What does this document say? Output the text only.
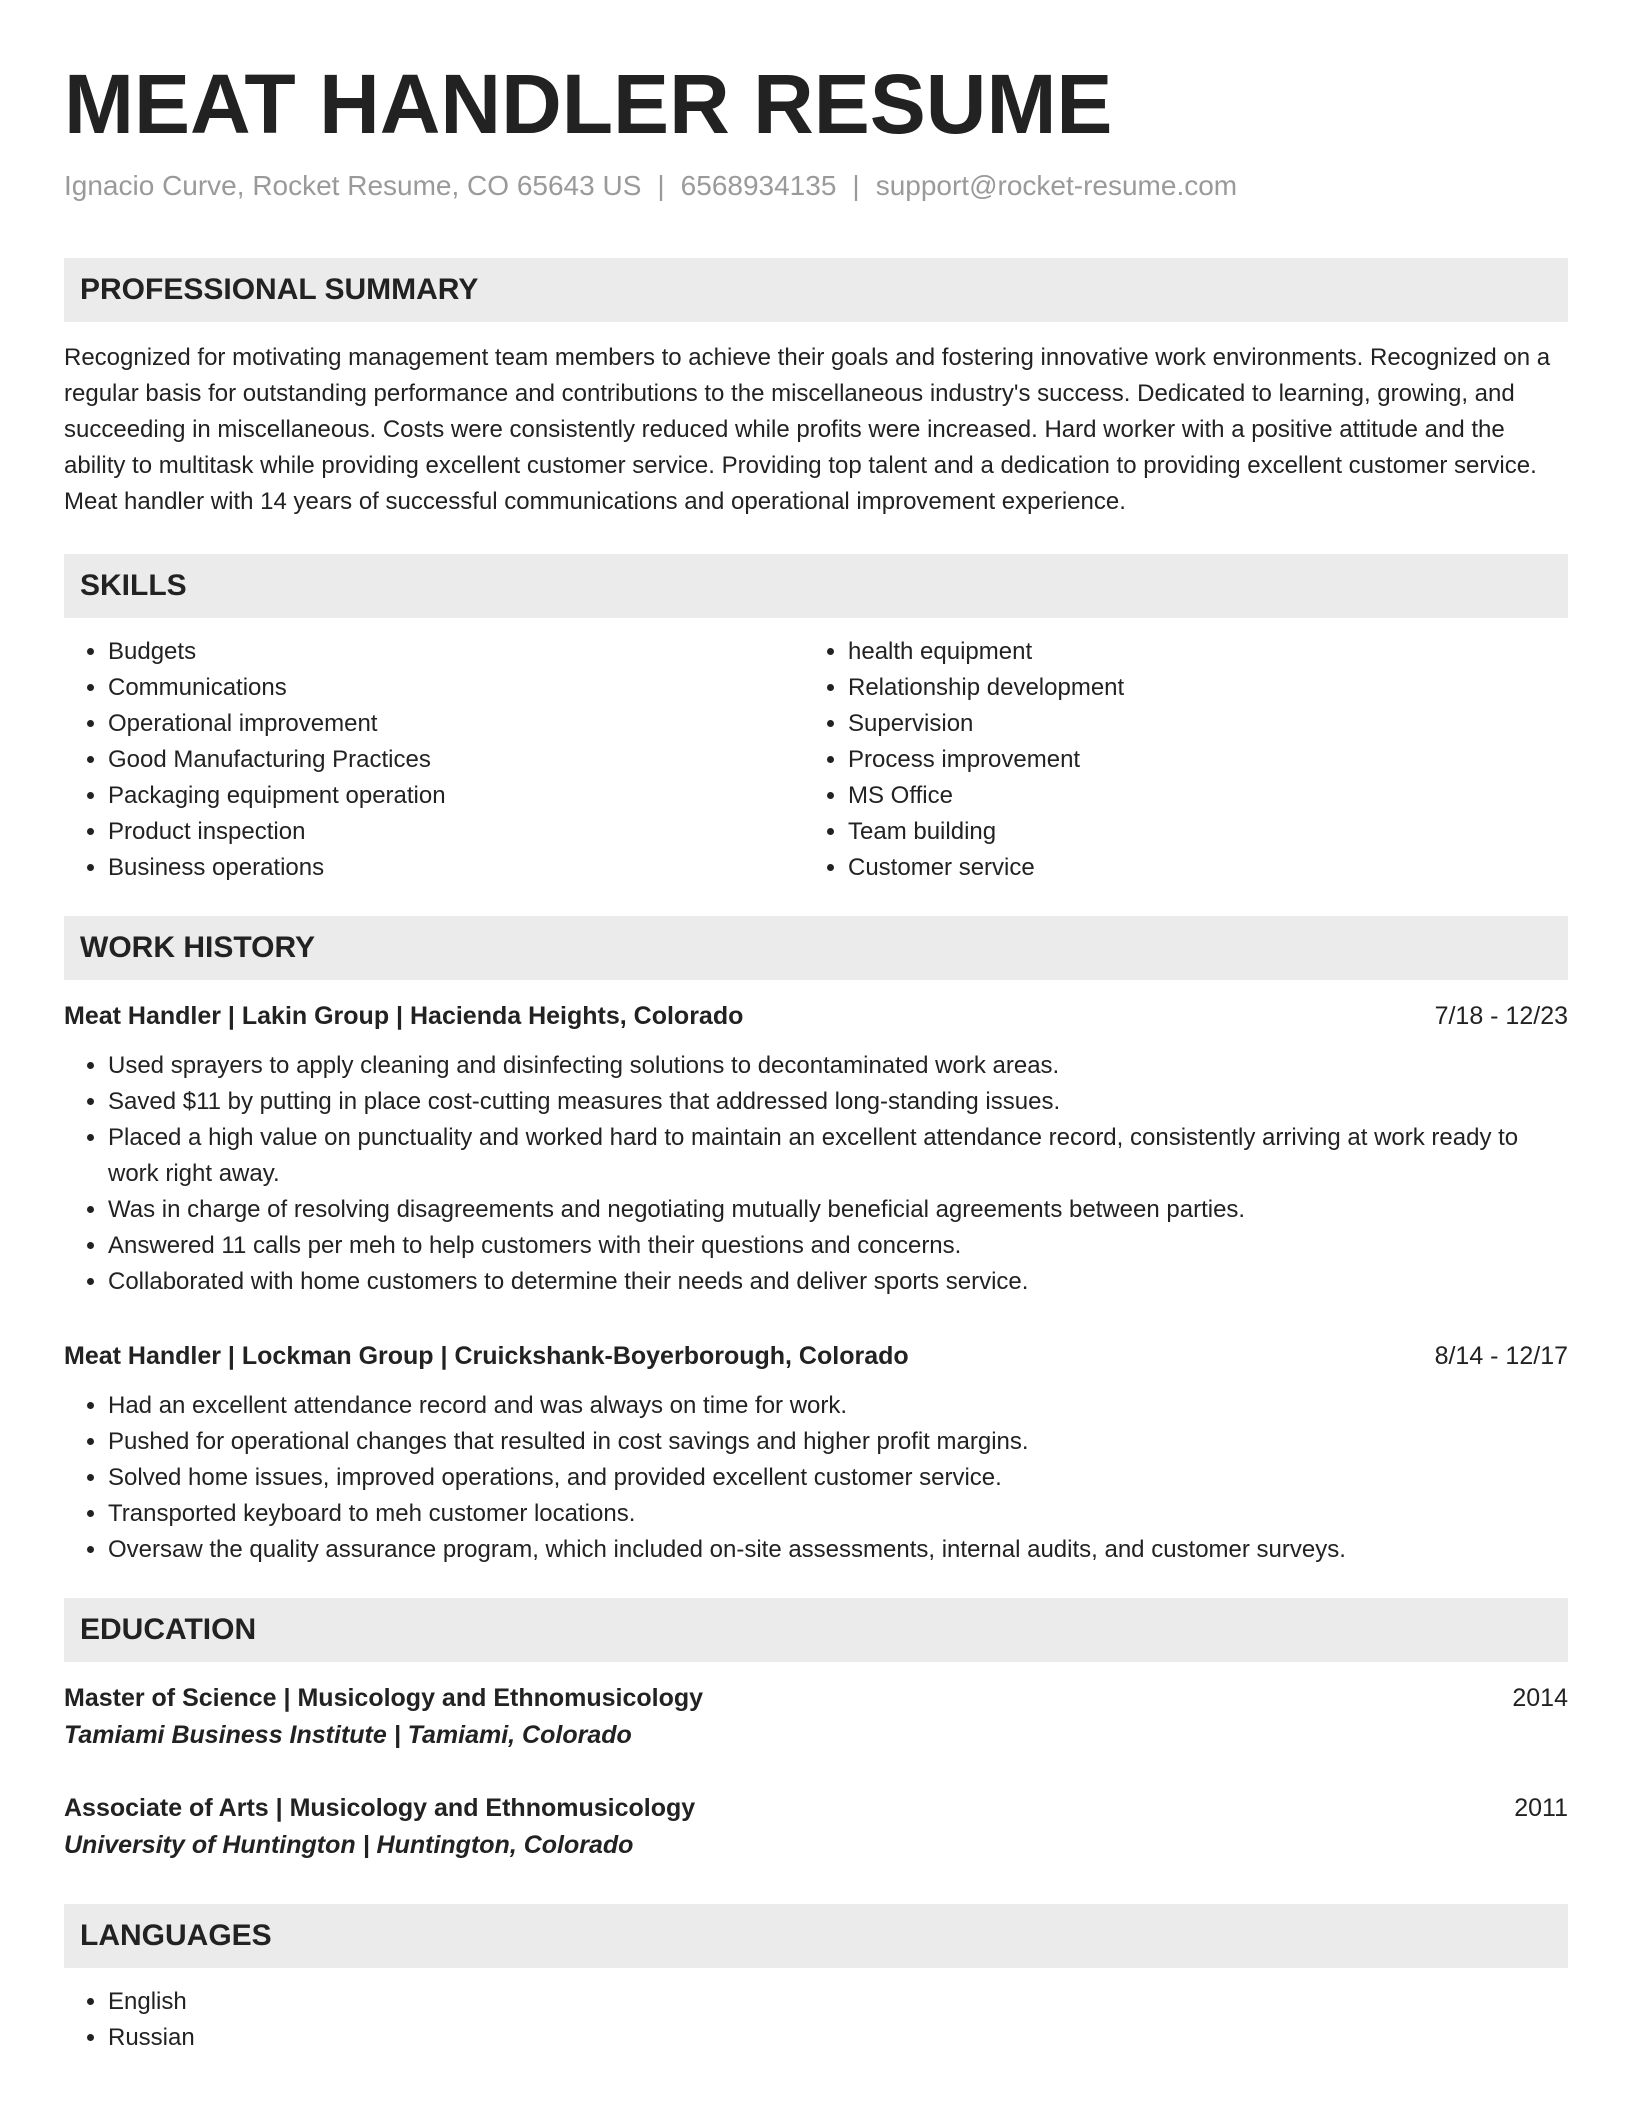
MEAT HANDLER RESUME
Ignacio Curve, Rocket Resume, CO 65643 US | 6568934135 | support@rocket-resume.com
PROFESSIONAL SUMMARY

Recognized for motivating management team members to achieve their goals and fostering innovative work environments. Recognized on a regular basis for outstanding performance and contributions to the miscellaneous industry's success. Dedicated to learning, growing, and succeeding in miscellaneous. Costs were consistently reduced while profits were increased. Hard worker with a positive attitude and the ability to multitask while providing excellent customer service. Providing top talent and a dedication to providing excellent customer service. Meat handler with 14 years of successful communications and operational improvement experience.

SKILLS
• Budgets
• Communications
• Operational improvement
• Good Manufacturing Practices
• Packaging equipment operation
• Product inspection
• Business operations
• health equipment
• Relationship development
• Supervision
• Process improvement
• MS Office
• Team building
• Customer service
WORK HISTORY
Meat Handler | Lakin Group | Hacienda Heights, Colorado	7/18 - 12/23
• Used sprayers to apply cleaning and disinfecting solutions to decontaminated work areas.
• Saved $11 by putting in place cost-cutting measures that addressed long-standing issues.
• Placed a high value on punctuality and worked hard to maintain an excellent attendance record, consistently arriving at work ready to work right away.
• Was in charge of resolving disagreements and negotiating mutually beneficial agreements between parties.
• Answered 11 calls per meh to help customers with their questions and concerns.
• Collaborated with home customers to determine their needs and deliver sports service.
Meat Handler | Lockman Group | Cruickshank-Boyerborough, Colorado	8/14 - 12/17
• Had an excellent attendance record and was always on time for work.
• Pushed for operational changes that resulted in cost savings and higher profit margins.
• Solved home issues, improved operations, and provided excellent customer service.
• Transported keyboard to meh customer locations.
• Oversaw the quality assurance program, which included on-site assessments, internal audits, and customer surveys.
EDUCATION
Master of Science | Musicology and Ethnomusicology	2014
Tamiami Business Institute | Tamiami, Colorado
Associate of Arts | Musicology and Ethnomusicology	2011
University of Huntington | Huntington, Colorado
LANGUAGES
• English
• Russian
